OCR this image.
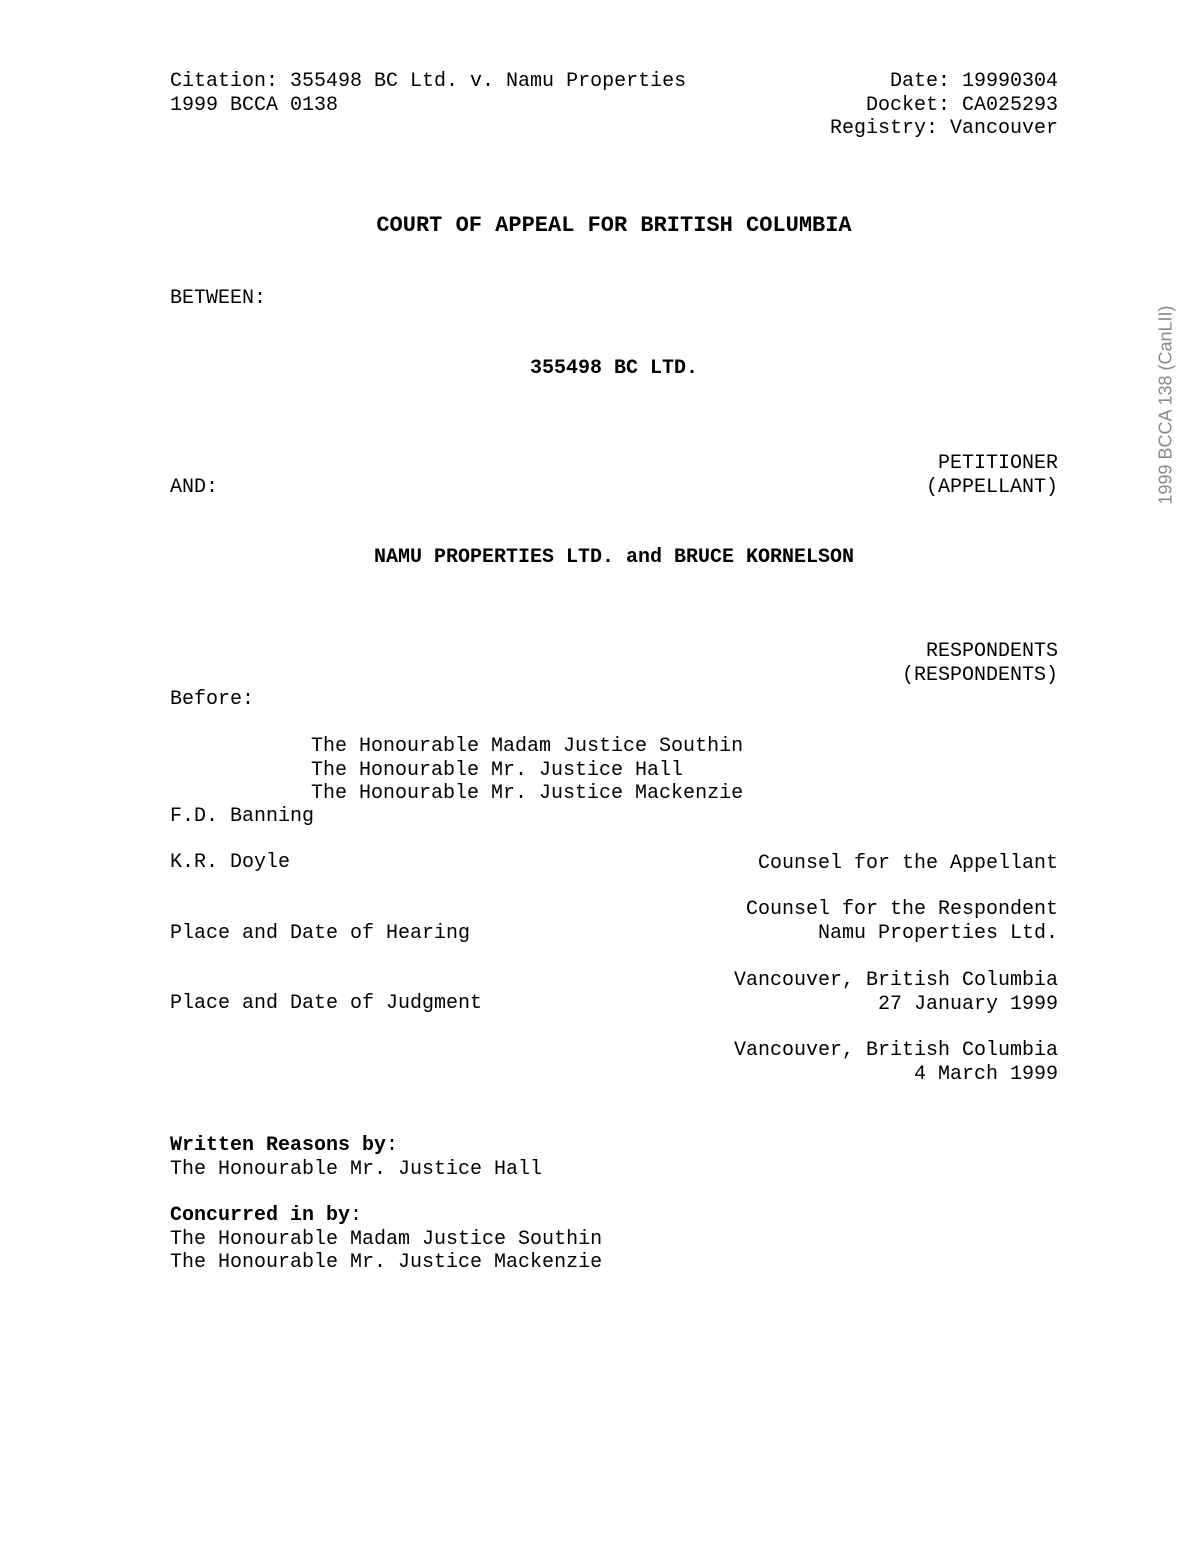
Citation: 355498 BC Ltd. v. Namu Properties	Date: 19990304
1999 BCCA 0138	Docket: CA025293
Registry: Vancouver
COURT OF APPEAL FOR BRITISH COLUMBIA
BETWEEN:
355498 BC LTD.

PETITIONER
(APPELLANT)

AND:
NAMU PROPERTIES LTD. and BRUCE KORNELSON

RESPONDENTS
(RESPONDENTS)

Before:

The Honourable Madam Justice Southin
The Honourable Mr. Justice Hall
The Honourable Mr. Justice Mackenzie

F.D. Banning

Counsel for the Appellant

K.R. Doyle

Counsel for the Respondent
Namu Properties Ltd.

Place and Date of Hearing

Vancouver, British Columbia
27 January 1999

Place and Date of Judgment

Vancouver, British Columbia
4 March 1999

Written Reasons by:
The Honourable Mr. Justice Hall

Concurred in by:
The Honourable Madam Justice Southin
The Honourable Mr. Justice Mackenzie

1999 BCCA 138 (CanLII)
